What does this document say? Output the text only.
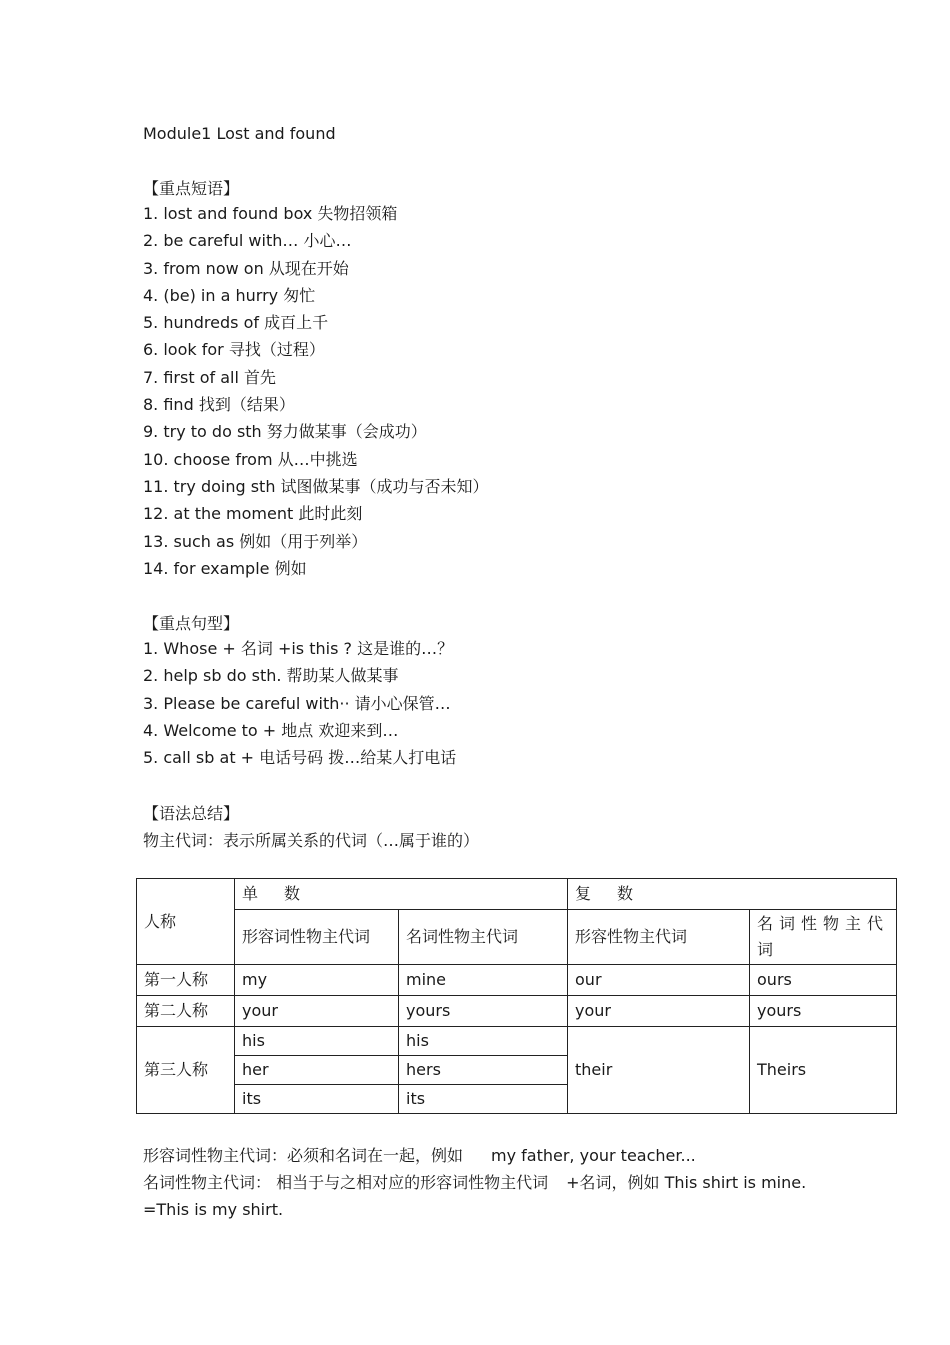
Module1 Lost and found
【重点短语】
1. lost and found box 失物招领箱
2. be careful with… 小心…
3. from now on 从现在开始
4. (be) in a hurry 匆忙
5. hundreds of 成百上千
6. look for 寻找（过程）
7. first of all 首先
8. find 找到（结果）
9. try to do sth 努力做某事（会成功）
10. choose from 从…中挑选
11. try doing sth 试图做某事（成功与否未知）
12. at the moment 此时此刻
13. such as 例如（用于列举）
14. for example 例如
【重点句型】
1. Whose + 名词 +is this ? 这是谁的…？
2. help sb do sth. 帮助某人做某事
3. Please be careful with·· 请小心保管…
4. Welcome to + 地点 欢迎来到…
5. call sb at + 电话号码 拨…给某人打电话
【语法总结】
物主代词：表示所属关系的代词（…属于谁的）
人称	单数		复数	
	形容词性物主代词	名词性物主代词	形容性物主代词	名词性物主代词
第一人称	my	mine	our	ours
第二人称	your	yours	your	yours
第三人称	his	his	their	Theirs
	her	hers		
	its	its		
形容词性物主代词：必须和名词在一起，例如 my father, your teacher...
名词性物主代词： 相当于与之相对应的形容词性物主代词 +名词，例如 This shirt is mine. =This is my shirt.
